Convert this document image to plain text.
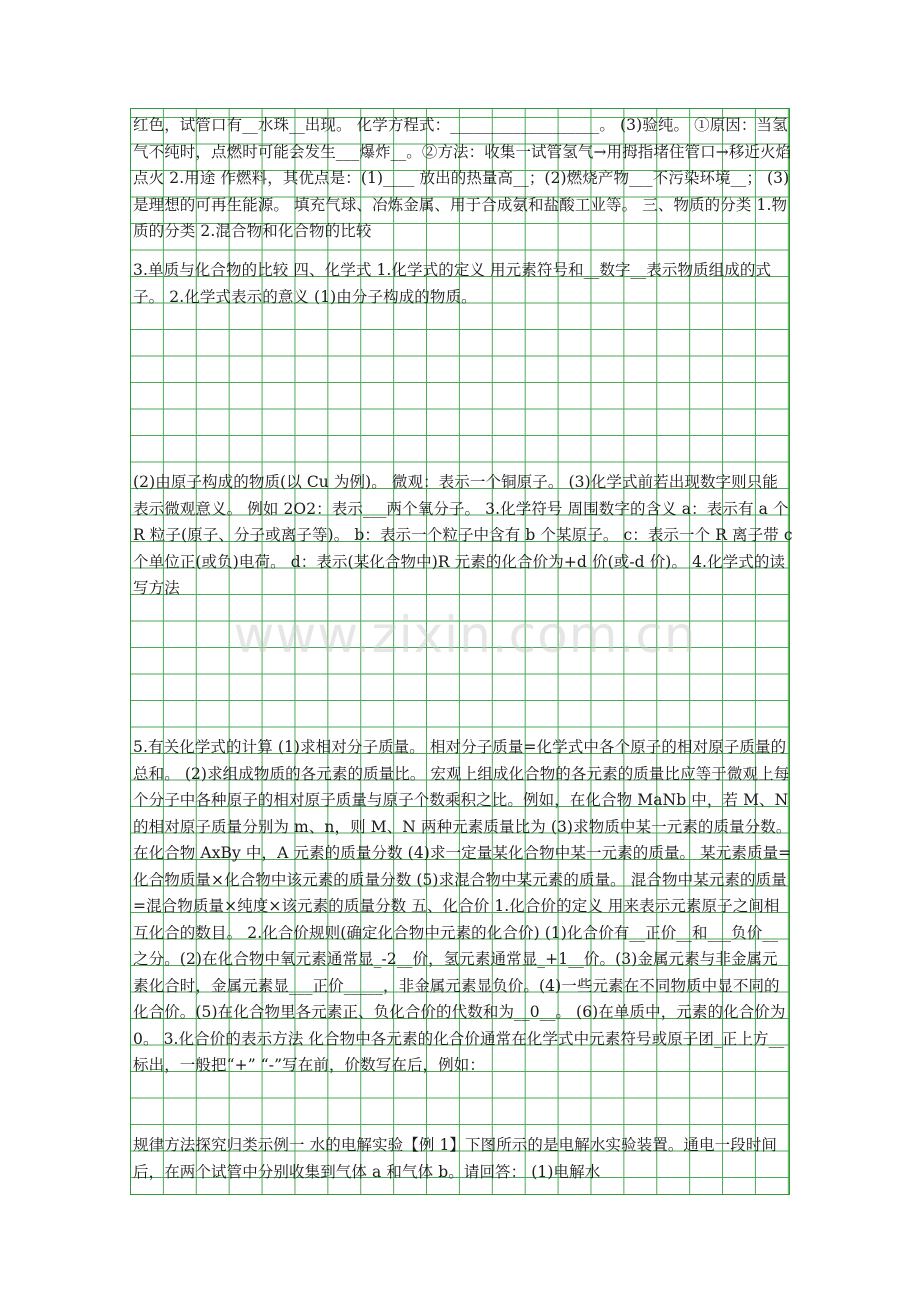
红色，试管口有__水珠__出现。 化学方程式：___________________。 (3)验纯。 ①原因：当氢气不纯时，点燃时可能会发生___爆炸__。②方法：收集一试管氢气→用拇指堵住管口→移近火焰点火 2.用途 作燃料，其优点是：(1)____ 放出的热量高__；(2)燃烧产物___不污染环境__； (3)是理想的可再生能源。 填充气球、冶炼金属、用于合成氨和盐酸工业等。 三、物质的分类 1.物质的分类 2.混合物和化合物的比较
3.单质与化合物的比较 四、化学式 1.化学式的定义 用元素符号和__数字__表示物质组成的式子。 2.化学式表示的意义 (1)由分子构成的物质。
(2)由原子构成的物质(以 Cu 为例)。 微观：表示一个铜原子。 (3)化学式前若出现数字则只能表示微观意义。 例如 2O2：表示___两个氧分子。 3.化学符号 周围数字的含义 a：表示有 a 个 R 粒子(原子、分子或离子等)。 b：表示一个粒子中含有 b 个某原子。 c：表示一个 R 离子带 c 个单位正(或负)电荷。 d：表示(某化合物中)R 元素的化合价为+d 价(或-d 价)。 4.化学式的读写方法
5.有关化学式的计算 (1)求相对分子质量。 相对分子质量=化学式中各个原子的相对原子质量的总和。 (2)求组成物质的各元素的质量比。 宏观上组成化合物的各元素的质量比应等于微观上每个分子中各种原子的相对原子质量与原子个数乘积之比。例如，在化合物 MaNb 中，若 M、N 的相对原子质量分别为 m、n，则 M、N 两种元素质量比为 (3)求物质中某一元素的质量分数。 在化合物 AxBy 中，A 元素的质量分数 (4)求一定量某化合物中某一元素的质量。 某元素质量=化合物质量×化合物中该元素的质量分数 (5)求混合物中某元素的质量。 混合物中某元素的质量=混合物质量×纯度×该元素的质量分数 五、化合价 1.化合价的定义 用来表示元素原子之间相互化合的数目。 2.化合价规则(确定化合物中元素的化合价) (1)化合价有__正价__和___负价__之分。(2)在化合物中氧元素通常显_-2__价，氢元素通常显_+1__价。(3)金属元素与非金属元素化合时，金属元素显___正价_____，非金属元素显负价。(4)一些元素在不同物质中显不同的化合价。(5)在化合物里各元素正、负化合价的代数和为__0__。 (6)在单质中，元素的化合价为 0。 3.化合价的表示方法 化合物中各元素的化合价通常在化学式中元素符号或原子团_正上方__标出，一般把“+” “-”写在前，价数写在后，例如：
规律方法探究归类示例一 水的电解实验【例 1】下图所示的是电解水实验装置。通电一段时间后，在两个试管中分别收集到气体 a 和气体 b。请回答： (1)电解水
www.zixin.com.cn
